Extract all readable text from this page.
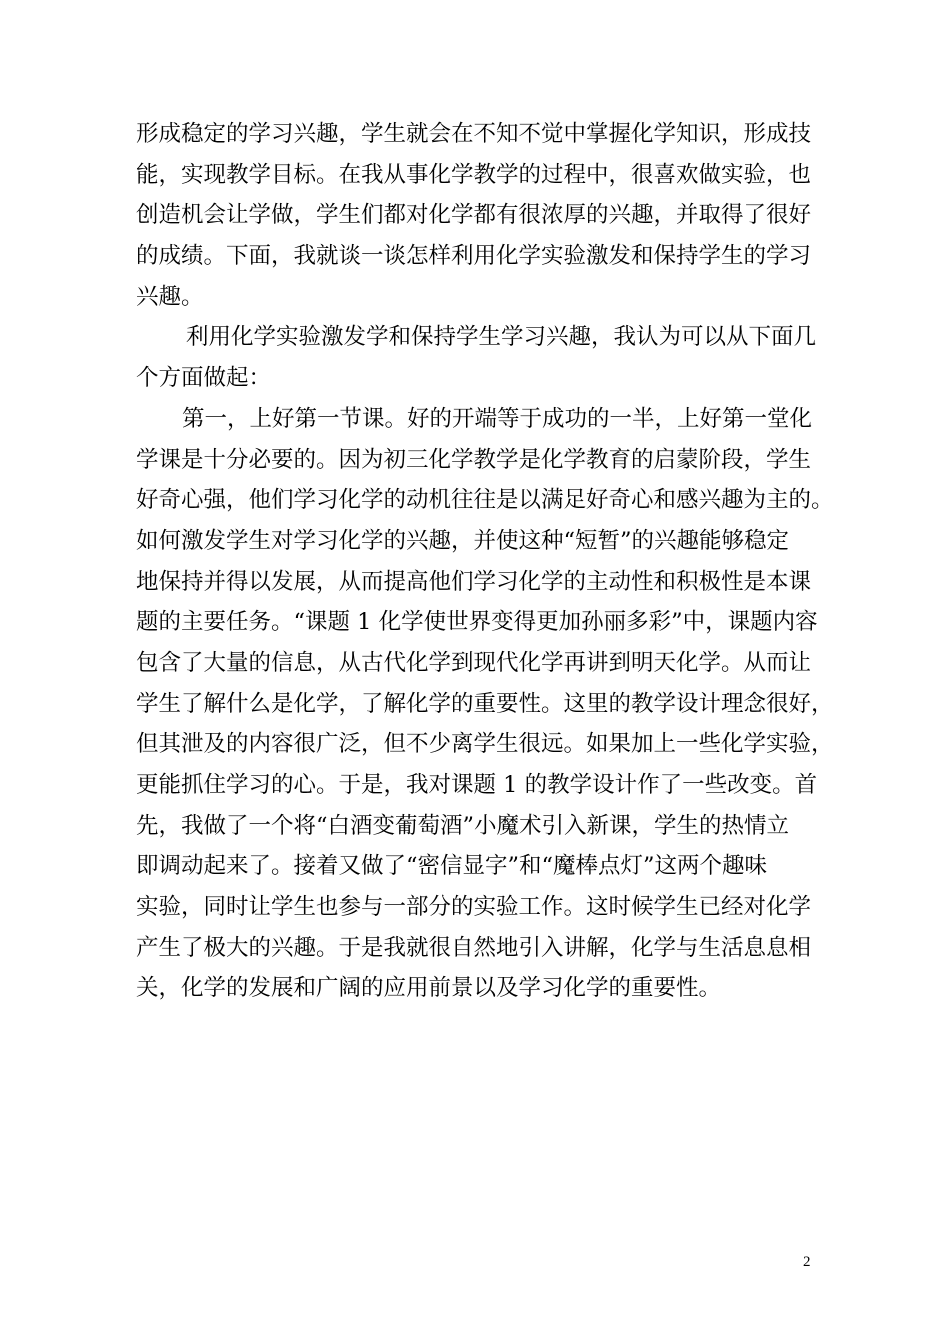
形成稳定的学习兴趣，学生就会在不知不觉中掌握化学知识，形成技
能，实现教学目标。在我从事化学教学的过程中，很喜欢做实验，也
创造机会让学做，学生们都对化学都有很浓厚的兴趣，并取得了很好
的成绩。下面，我就谈一谈怎样利用化学实验激发和保持学生的学习
兴趣。
利用化学实验激发学和保持学生学习兴趣，我认为可以从下面几
个方面做起：
第一，上好第一节课。好的开端等于成功的一半，上好第一堂化
学课是十分必要的。因为初三化学教学是化学教育的启蒙阶段，学生
好奇心强，他们学习化学的动机往往是以满足好奇心和感兴趣为主的。
如何激发学生对学习化学的兴趣，并使这种“短暂”的兴趣能够稳定
地保持并得以发展，从而提高他们学习化学的主动性和积极性是本课
题的主要任务。“课题 1 化学使世界变得更加孙丽多彩”中，课题内容
包含了大量的信息，从古代化学到现代化学再讲到明天化学。从而让
学生了解什么是化学，了解化学的重要性。这里的教学设计理念很好，
但其泄及的内容很广泛，但不少离学生很远。如果加上一些化学实验，
更能抓住学习的心。于是，我对课题 1 的教学设计作了一些改变。首
先，我做了一个将“白酒变葡萄酒”小魔术引入新课，学生的热情立
即调动起来了。接着又做了“密信显字”和“魔棒点灯”这两个趣味
实验，同时让学生也参与一部分的实验工作。这时候学生已经对化学
产生了极大的兴趣。于是我就很自然地引入讲解，化学与生活息息相
关，化学的发展和广阔的应用前景以及学习化学的重要性。
2
